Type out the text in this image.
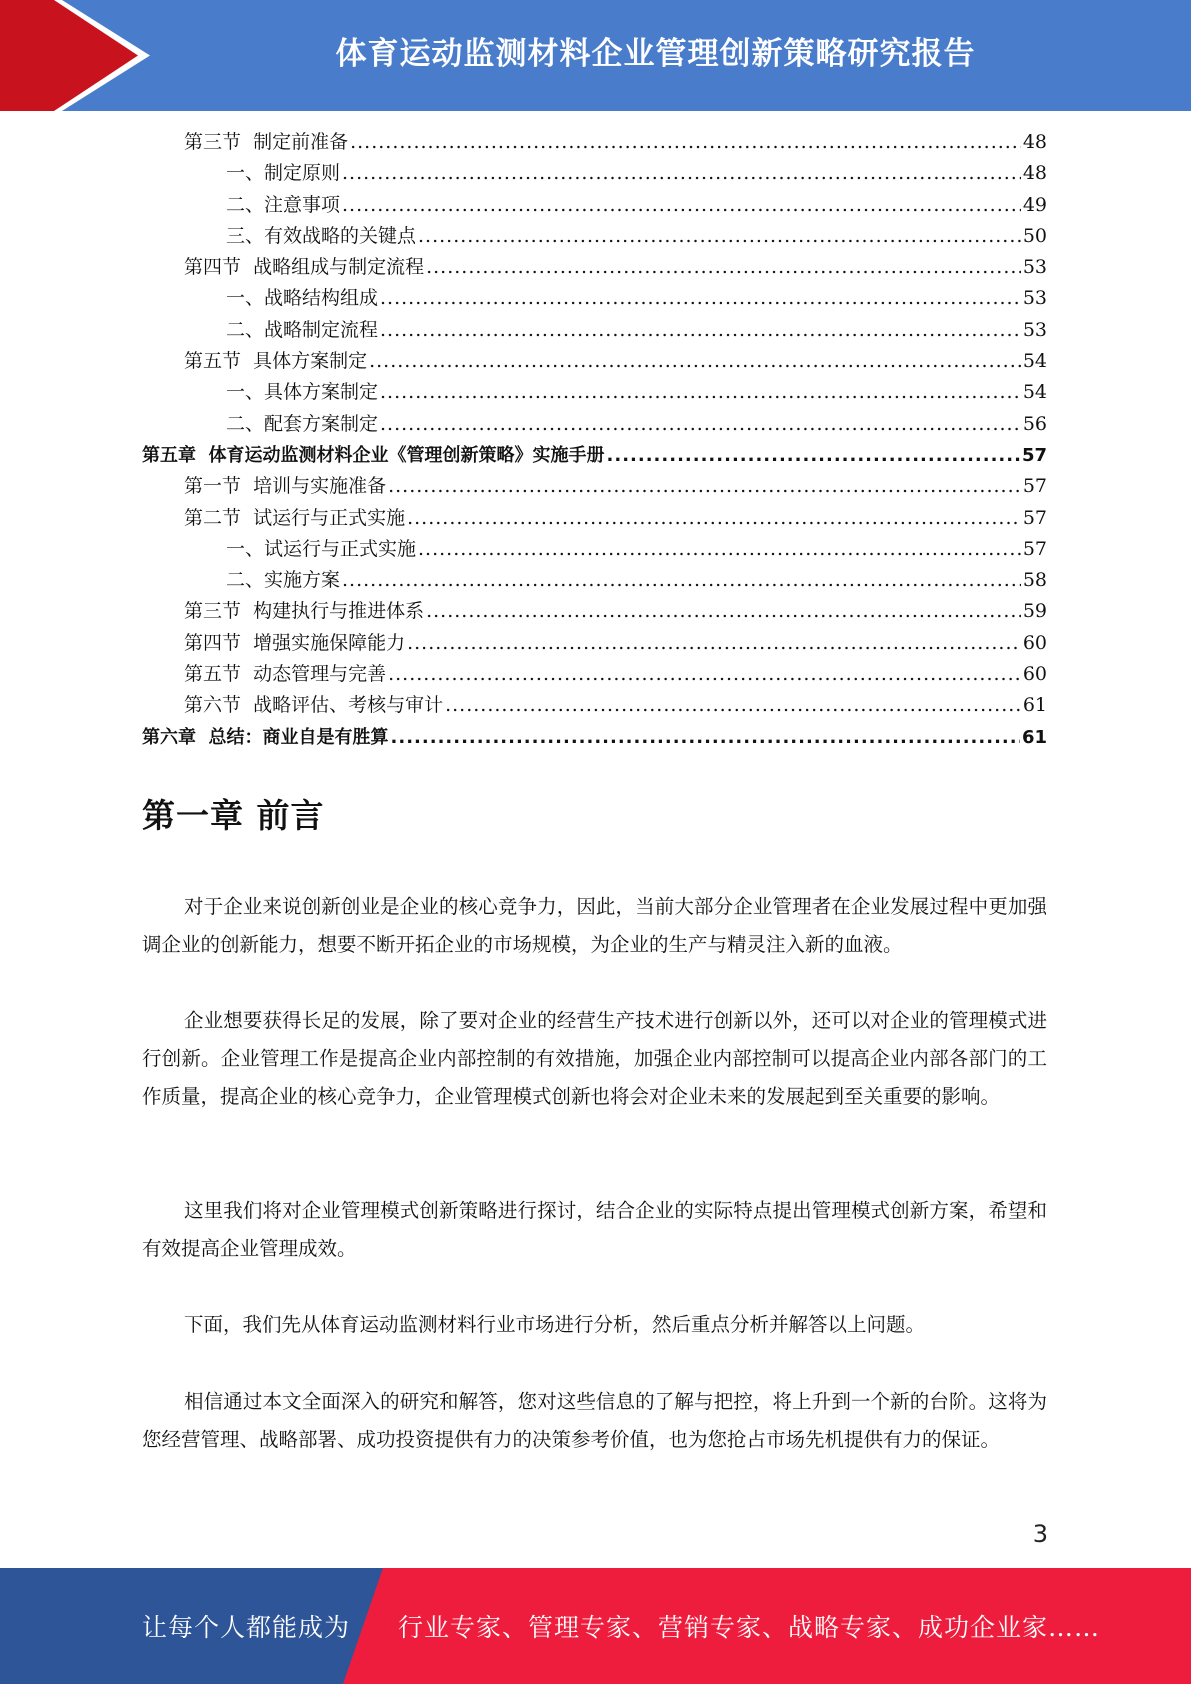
体育运动监测材料企业管理创新策略研究报告
第三节  制定前准备 .....	48
一、制定原则 .....	48
二、注意事项 .....	49
三、有效战略的关键点 .....	50
第四节  战略组成与制定流程 .....	53
一、战略结构组成 .....	53
二、战略制定流程 .....	53
第五节  具体方案制定 .....	54
一、具体方案制定 .....	54
二、配套方案制定 .....	56
第五章  体育运动监测材料企业《管理创新策略》实施手册 .....	57
第一节  培训与实施准备 .....	57
第二节  试运行与正式实施 .....	57
一、试运行与正式实施 .....	57
二、实施方案 .....	58
第三节  构建执行与推进体系 .....	59
第四节  增强实施保障能力 .....	60
第五节  动态管理与完善 .....	60
第六节  战略评估、考核与审计 .....	61
第六章  总结：商业自是有胜算 .....	61
第一章 前言

对于企业来说创新创业是企业的核心竞争力，因此，当前大部分企业管理者在企业发展过程中更加强调企业的创新能力，想要不断开拓企业的市场规模，为企业的生产与精灵注入新的血液。

企业想要获得长足的发展，除了要对企业的经营生产技术进行创新以外，还可以对企业的管理模式进行创新。企业管理工作是提高企业内部控制的有效措施，加强企业内部控制可以提高企业内部各部门的工作质量，提高企业的核心竞争力，企业管理模式创新也将会对企业未来的发展起到至关重要的影响。

这里我们将对企业管理模式创新策略进行探讨，结合企业的实际特点提出管理模式创新方案，希望和有效提高企业管理成效。

下面，我们先从体育运动监测材料行业市场进行分析，然后重点分析并解答以上问题。

相信通过本文全面深入的研究和解答，您对这些信息的了解与把控，将上升到一个新的台阶。这将为您经营管理、战略部署、成功投资提供有力的决策参考价值，也为您抢占市场先机提供有力的保证。

3
让每个人都能成为 行业专家、管理专家、营销专家、战略专家、成功企业家……
